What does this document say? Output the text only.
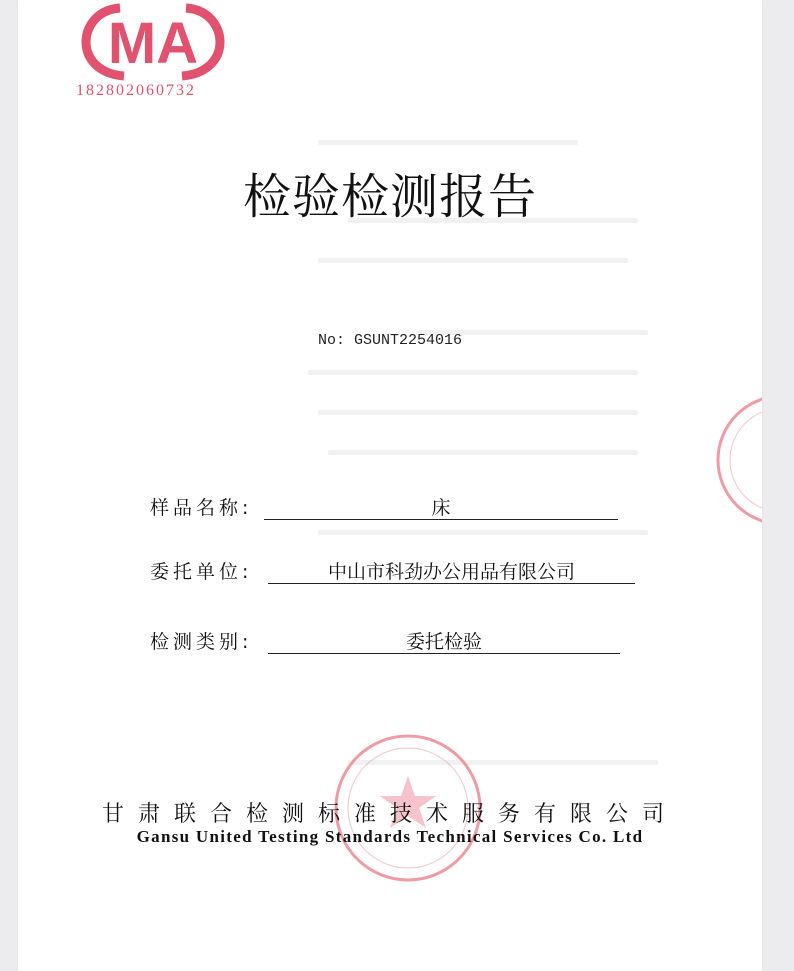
MA
182802060732
检验检测报告
No: GSUNT2254016
样品名称:	床
委托单位:	中山市科劲办公用品有限公司
检测类别:	委托检验
甘肃联合检测标准技术服务有限公司
Gansu United Testing Standards Technical Services Co. Ltd
